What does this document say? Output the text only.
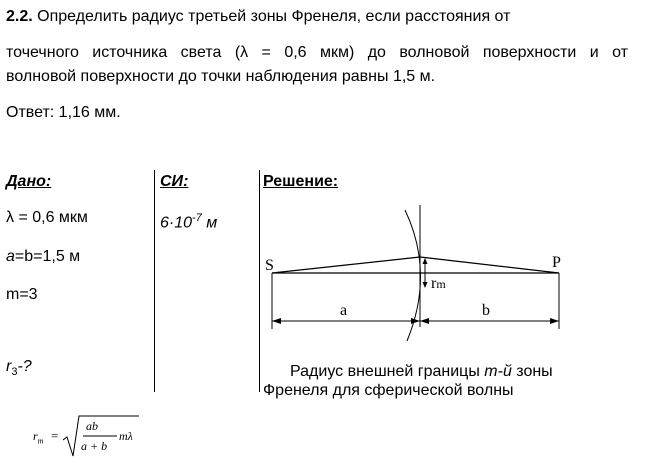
2.2. Определить радиус третьей зоны Френеля, если расстояния от
точечного источника света (λ = 0,6 мкм) до волновой поверхности и от
волновой поверхности до точки наблюдения равны 1,5 м.
Ответ: 1,16 мм.
Дано:
λ = 0,6 мкм
a=b=1,5 м
m=3
$r_3-$?
СИ:
$6\cdot 10^{-7}$ м
Решение:
S	P
rm
a	b
Радиус внешней границы m-й зоны
Френеля для сферической волны
$r_m$ =
ab
a + b
mλ
